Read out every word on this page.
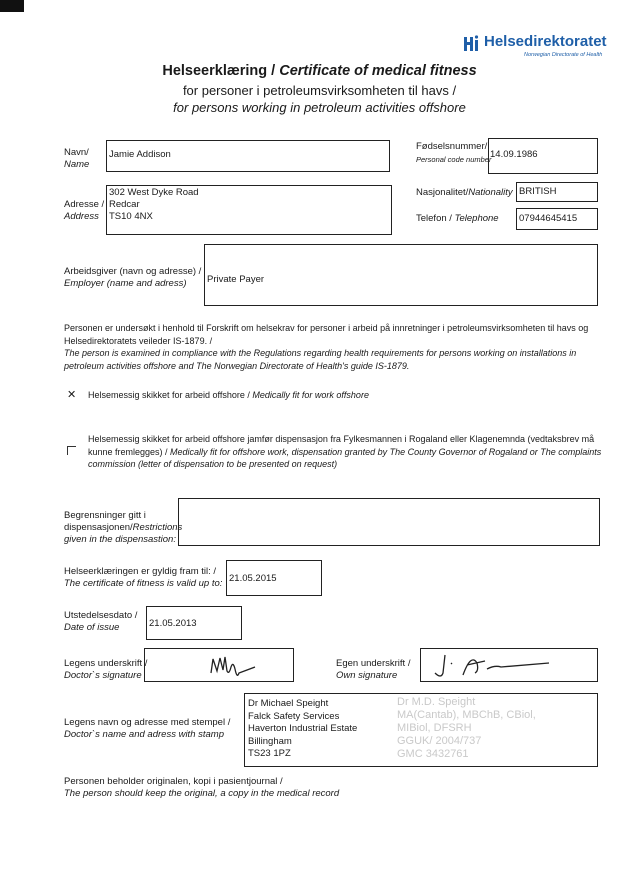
Helsedirektoratet
Norwegian Directorate of Health
Helseerklæring / Certificate of medical fitness
for personer i petroleumsvirksomheten til havs /
for persons working in petroleum activities offshore
Navn/
Name
Jamie Addison
Fødselsnummer/
Personal code number
14.09.1986
Adresse /
Address
302 West Dyke Road
Redcar
TS10 4NX
Nasjonalitet/Nationality BRITISH
Telefon / Telephone 07944645415
Arbeidsgiver (navn og adresse) /
Employer (name and adress) Private Payer
Personen er undersøkt i henhold til Forskrift om helsekrav for personer i arbeid på innretninger i petroleumsvirksomheten til havs og Helsedirektoratets veileder IS-1879. /
The person is examined in compliance with the Regulations regarding health requirements for persons working on installations in petroleum activities offshore and The Norwegian Directorate of Health's guide IS-1879.
✕ Helsemessig skikket for arbeid offshore / Medically fit for work offshore
Helsemessig skikket for arbeid offshore jamfør dispensasjon fra Fylkesmannen i Rogaland eller Klagenemnda (vedtaksbrev må kunne fremlegges) / Medically fit for offshore work, dispensation granted by The County Governor of Rogaland or The complaints commission (letter of dispensation to be presented on request)
Begrensninger gitt i
dispensasjonen/Restrictions
given in the dispensastion:
Helseerklæringen er gyldig fram til: /
The certificate of fitness is valid up to: 21.05.2015
Utstedelsesdato /
Date of issue	21.05.2013
Legens underskrift /
Doctor`s signature
Egen underskrift /
Own signature
Legens navn og adresse med stempel /
Doctor`s name and adress with stamp
Dr Michael Speight
Falck Safety Services
Haverton Industrial Estate
Billingham
TS23 1PZ
Dr M.D. Speight
MA(Cantab), MBChB, CBiol,
MIBiol, DFSRH
GGUK/ 2004/737
GMC 3432761
Personen beholder originalen, kopi i pasientjournal /
The person should keep the original, a copy in the medical record
